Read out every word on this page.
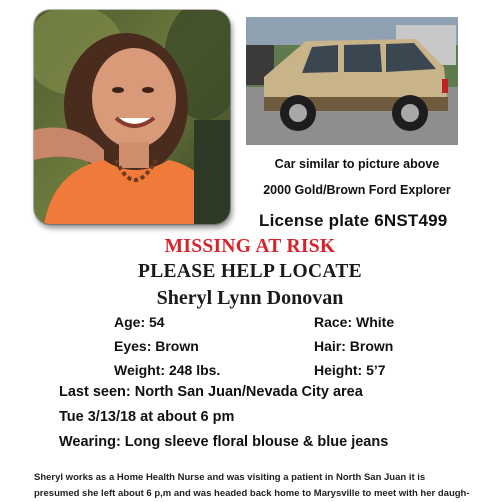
Car similar to picture above
2000 Gold/Brown Ford Explorer
License plate 6NST499
MISSING AT RISK
PLEASE HELP LOCATE
Sheryl Lynn Donovan
Age: 54	Race: White
Eyes: Brown	Hair: Brown
Weight: 248 lbs.	Height: 5’7
Last seen: North San Juan/Nevada City area
Tue 3/13/18 at about 6 pm
Wearing: Long sleeve floral blouse & blue jeans
Sheryl works as a Home Health Nurse and was visiting a patient in North San Juan it is
presumed she left about 6 p,m and was headed back home to Marysville to meet with her daugh-
